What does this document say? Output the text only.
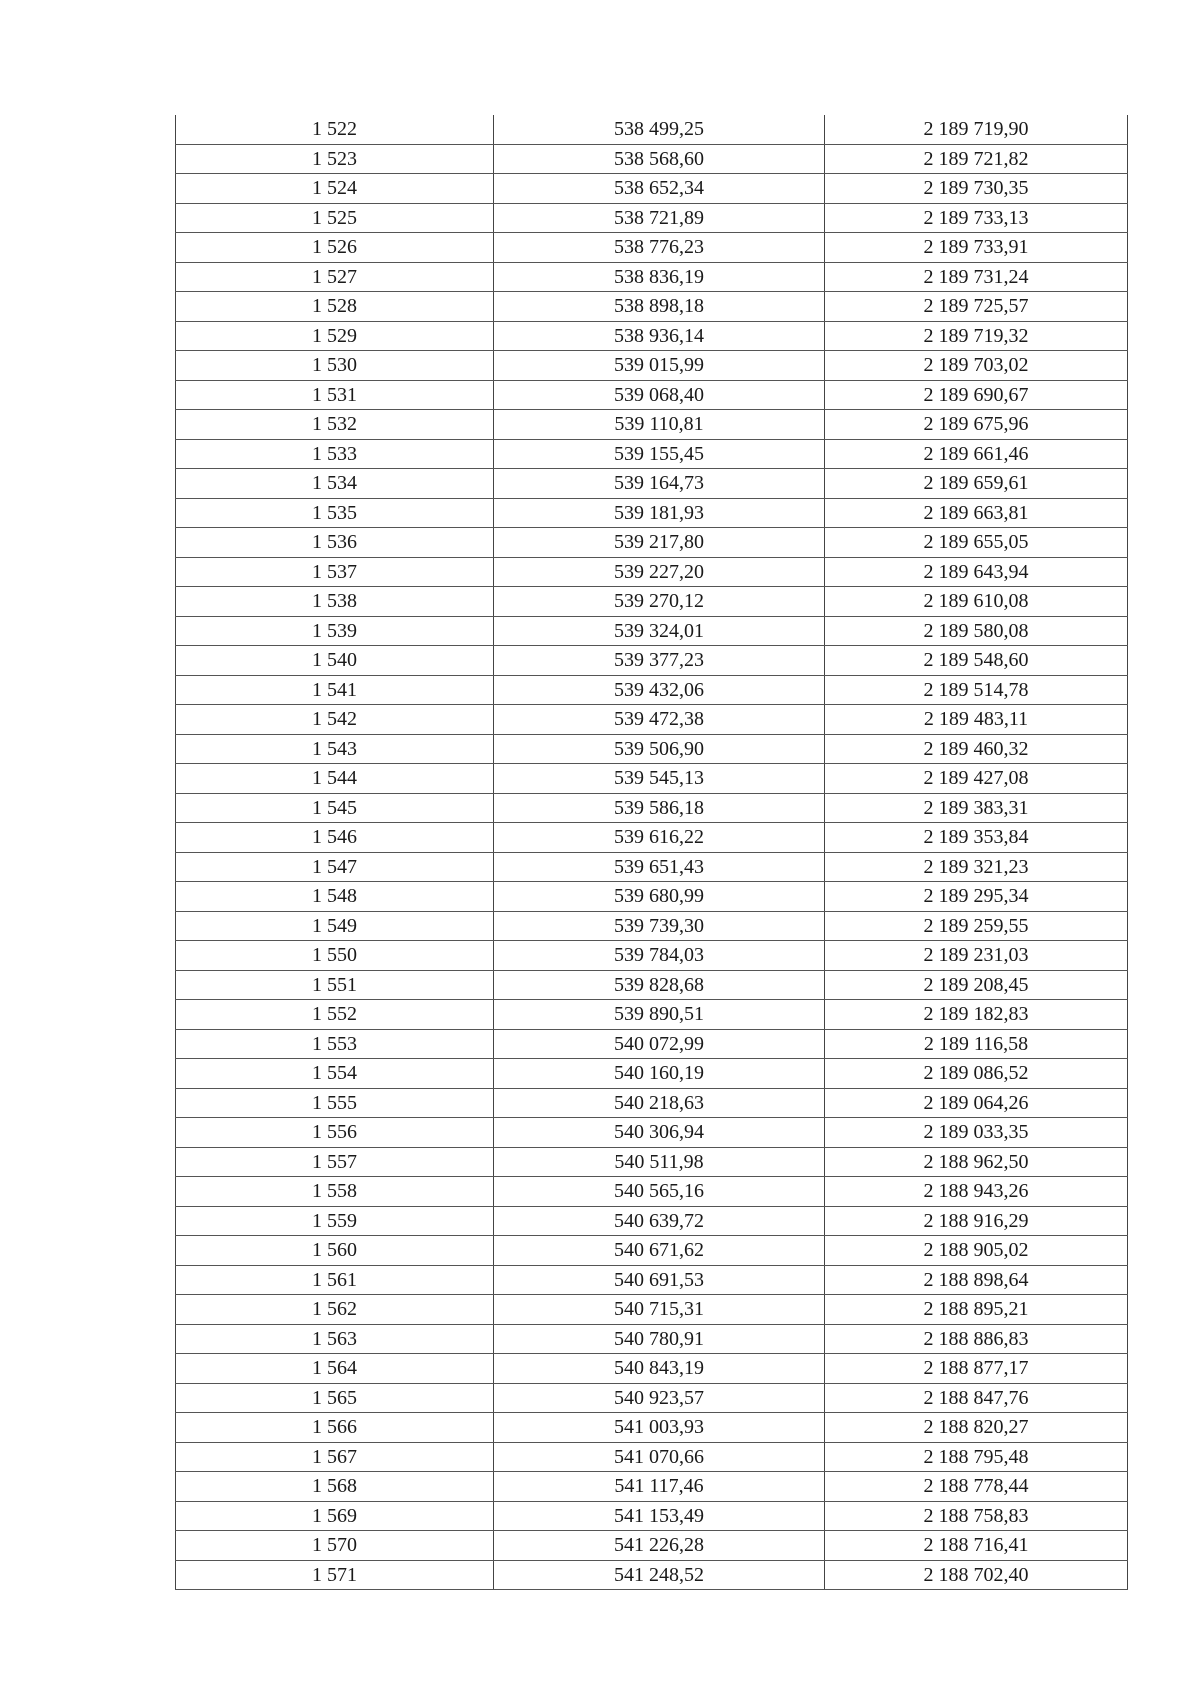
1 522	538 499,25	2 189 719,90
1 523	538 568,60	2 189 721,82
1 524	538 652,34	2 189 730,35
1 525	538 721,89	2 189 733,13
1 526	538 776,23	2 189 733,91
1 527	538 836,19	2 189 731,24
1 528	538 898,18	2 189 725,57
1 529	538 936,14	2 189 719,32
1 530	539 015,99	2 189 703,02
1 531	539 068,40	2 189 690,67
1 532	539 110,81	2 189 675,96
1 533	539 155,45	2 189 661,46
1 534	539 164,73	2 189 659,61
1 535	539 181,93	2 189 663,81
1 536	539 217,80	2 189 655,05
1 537	539 227,20	2 189 643,94
1 538	539 270,12	2 189 610,08
1 539	539 324,01	2 189 580,08
1 540	539 377,23	2 189 548,60
1 541	539 432,06	2 189 514,78
1 542	539 472,38	2 189 483,11
1 543	539 506,90	2 189 460,32
1 544	539 545,13	2 189 427,08
1 545	539 586,18	2 189 383,31
1 546	539 616,22	2 189 353,84
1 547	539 651,43	2 189 321,23
1 548	539 680,99	2 189 295,34
1 549	539 739,30	2 189 259,55
1 550	539 784,03	2 189 231,03
1 551	539 828,68	2 189 208,45
1 552	539 890,51	2 189 182,83
1 553	540 072,99	2 189 116,58
1 554	540 160,19	2 189 086,52
1 555	540 218,63	2 189 064,26
1 556	540 306,94	2 189 033,35
1 557	540 511,98	2 188 962,50
1 558	540 565,16	2 188 943,26
1 559	540 639,72	2 188 916,29
1 560	540 671,62	2 188 905,02
1 561	540 691,53	2 188 898,64
1 562	540 715,31	2 188 895,21
1 563	540 780,91	2 188 886,83
1 564	540 843,19	2 188 877,17
1 565	540 923,57	2 188 847,76
1 566	541 003,93	2 188 820,27
1 567	541 070,66	2 188 795,48
1 568	541 117,46	2 188 778,44
1 569	541 153,49	2 188 758,83
1 570	541 226,28	2 188 716,41
1 571	541 248,52	2 188 702,40
